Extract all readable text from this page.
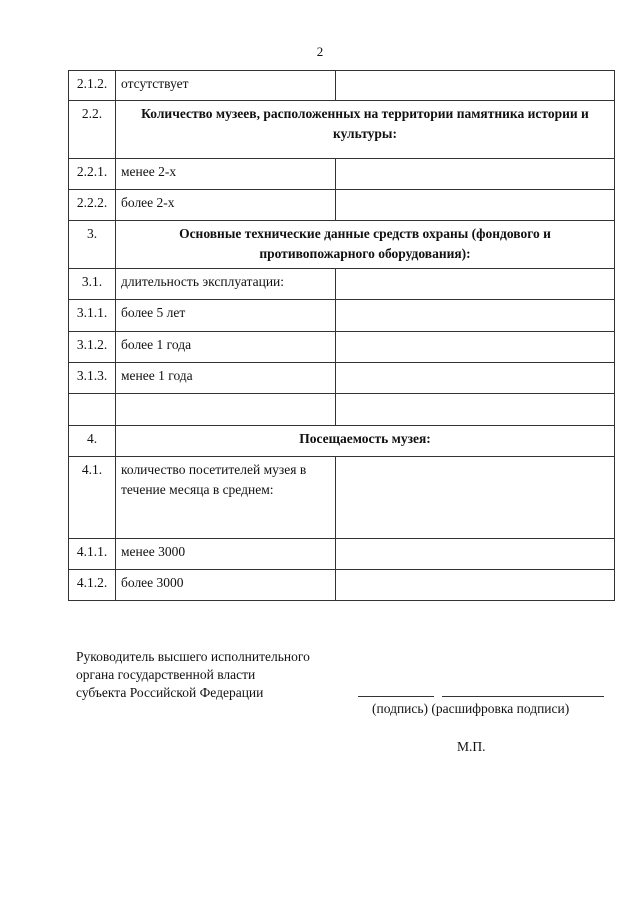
2
2.1.2.	отсутствует	
2.2.	Количество музеев, расположенных на территории памятника истории и культуры:	
2.2.1.	менее 2-х	
2.2.2.	более 2-х	
3.	Основные технические данные средств охраны (фондового и противопожарного оборудования):	
3.1.	длительность эксплуатации:	
3.1.1.	более 5 лет	
3.1.2.	более 1 года	
3.1.3.	менее 1 года	

4.	Посещаемость музея:	
4.1.	количество посетителей музея в течение месяца в среднем:	
4.1.1.	менее 3000	
4.1.2.	более 3000	
Руководитель высшего исполнительного
органа государственной власти
субъекта Российской Федерации
(подпись) (расшифровка подписи)
М.П.
